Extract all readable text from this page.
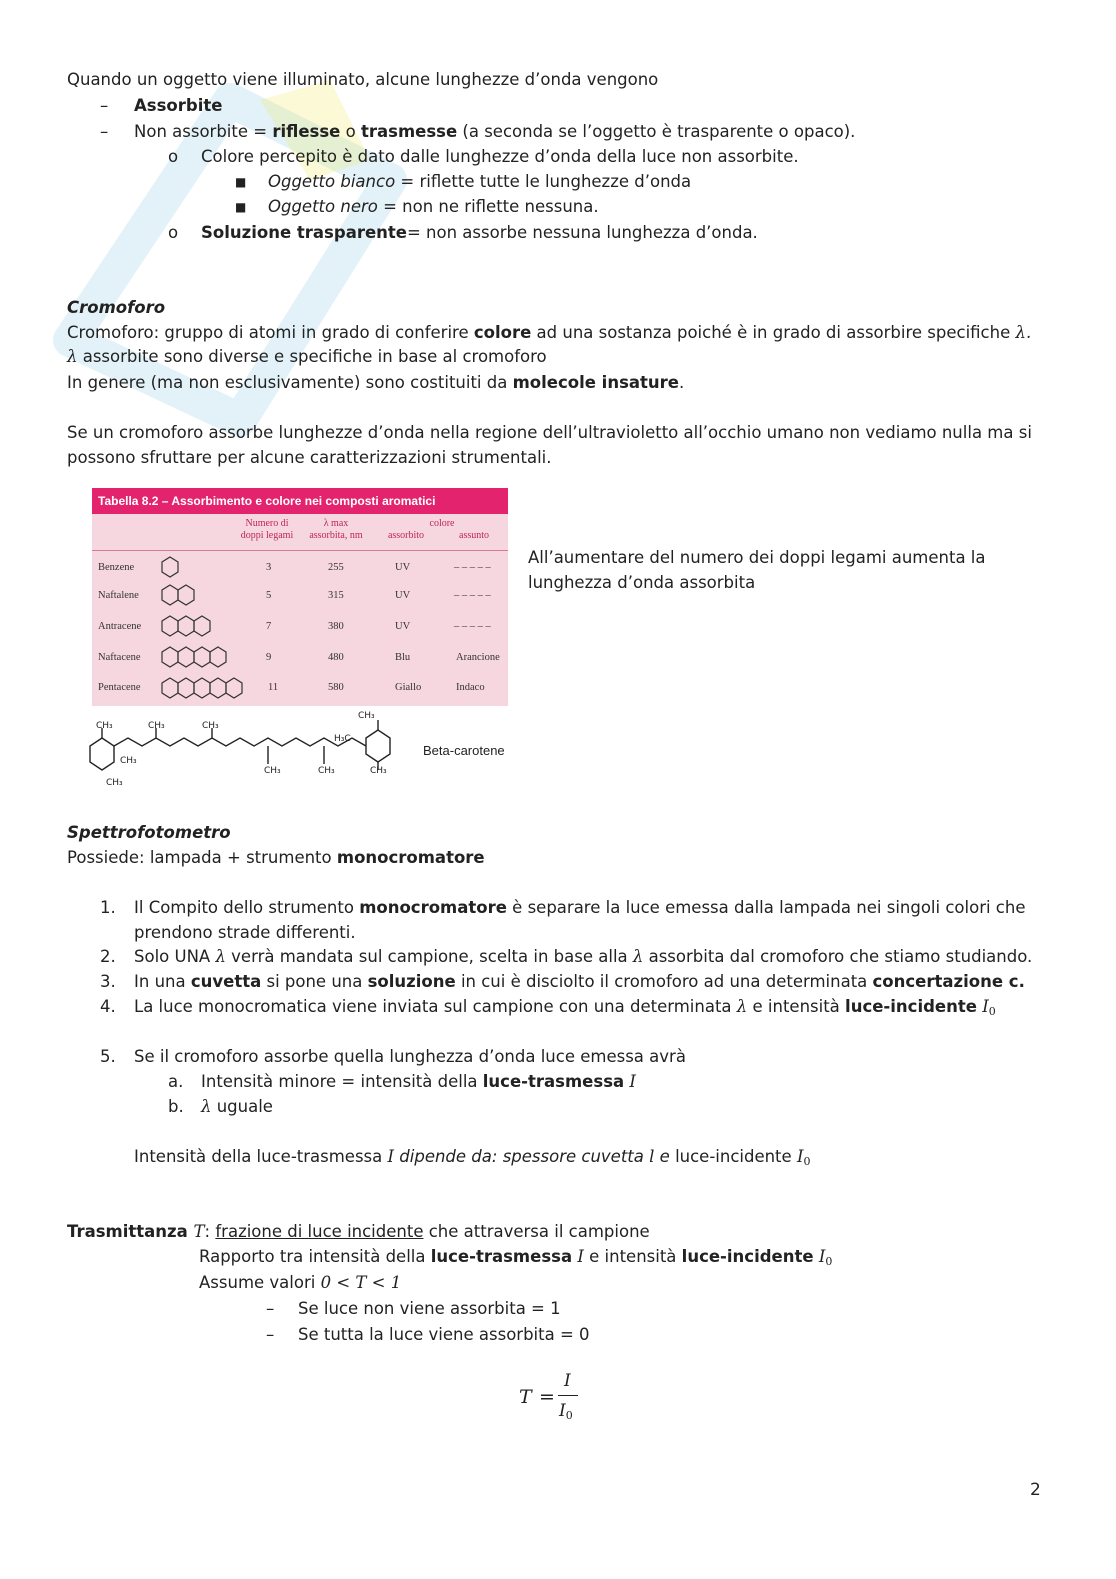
Quando un oggetto viene illuminato, alcune lunghezze d’onda vengono
– Assorbite
– Non assorbite = riflesse o trasmesse (a seconda se l’oggetto è trasparente o opaco).
o Colore percepito è dato dalle lunghezze d’onda della luce non assorbite.
■ Oggetto bianco = riflette tutte le lunghezze d’onda
■ Oggetto nero = non ne riflette nessuna.
o Soluzione trasparente= non assorbe nessuna lunghezza d’onda.
Cromoforo
Cromoforo: gruppo di atomi in grado di conferire colore ad una sostanza poiché è in grado di assorbire specifiche λ.
λ assorbite sono diverse e specifiche in base al cromoforo
In genere (ma non esclusivamente) sono costituiti da molecole insature.
Se un cromoforo assorbe lunghezze d’onda nella regione dell’ultravioletto all’occhio umano non vediamo nulla ma si
possono sfruttare per alcune caratterizzazioni strumentali.
Tabella 8.2 – Assorbimento e colore nei composti aromatici
Numero di
doppi legami
λ max
assorbita, nm
colore
assorbito	assunto
Benzene	3	255	UV	– – – – –
Naftalene	5	315	UV	– – – – –
Antracene	7	380	UV	– – – – –
Naftacene	9	480	Blu	Arancione
Pentacene	11	580	Giallo	Indaco
All’aumentare del numero dei doppi legami aumenta la
lunghezza d’onda assorbita
CH₃	CH₃	CH₃
CH₃
CH₃
CH₃	CH₃	CH₃
CH₃
H₃C
Beta-carotene
Spettrofotometro
Possiede: lampada + strumento monocromatore
1. Il Compito dello strumento monocromatore è separare la luce emessa dalla lampada nei singoli colori che
prendono strade differenti.
2. Solo UNA λ verrà mandata sul campione, scelta in base alla λ assorbita dal cromoforo che stiamo studiando.
3. In una cuvetta si pone una soluzione in cui è disciolto il cromoforo ad una determinata concertazione c.
4. La luce monocromatica viene inviata sul campione con una determinata λ e intensità luce-incidente $I_0$
5. Se il cromoforo assorbe quella lunghezza d’onda luce emessa avrà
a. Intensità minore = intensità della luce-trasmessa I
b. λ uguale
Intensità della luce-trasmessa I dipende da: spessore cuvetta l e luce-incidente $I_0$
Trasmittanza T: frazione di luce incidente che attraversa il campione
Rapporto tra intensità della luce-trasmessa I e intensità luce-incidente $I_0$
Assume valori 0 < T < 1
– Se luce non viene assorbita = 1
– Se tutta la luce viene assorbita = 0
T =
I
$I_0$
2
